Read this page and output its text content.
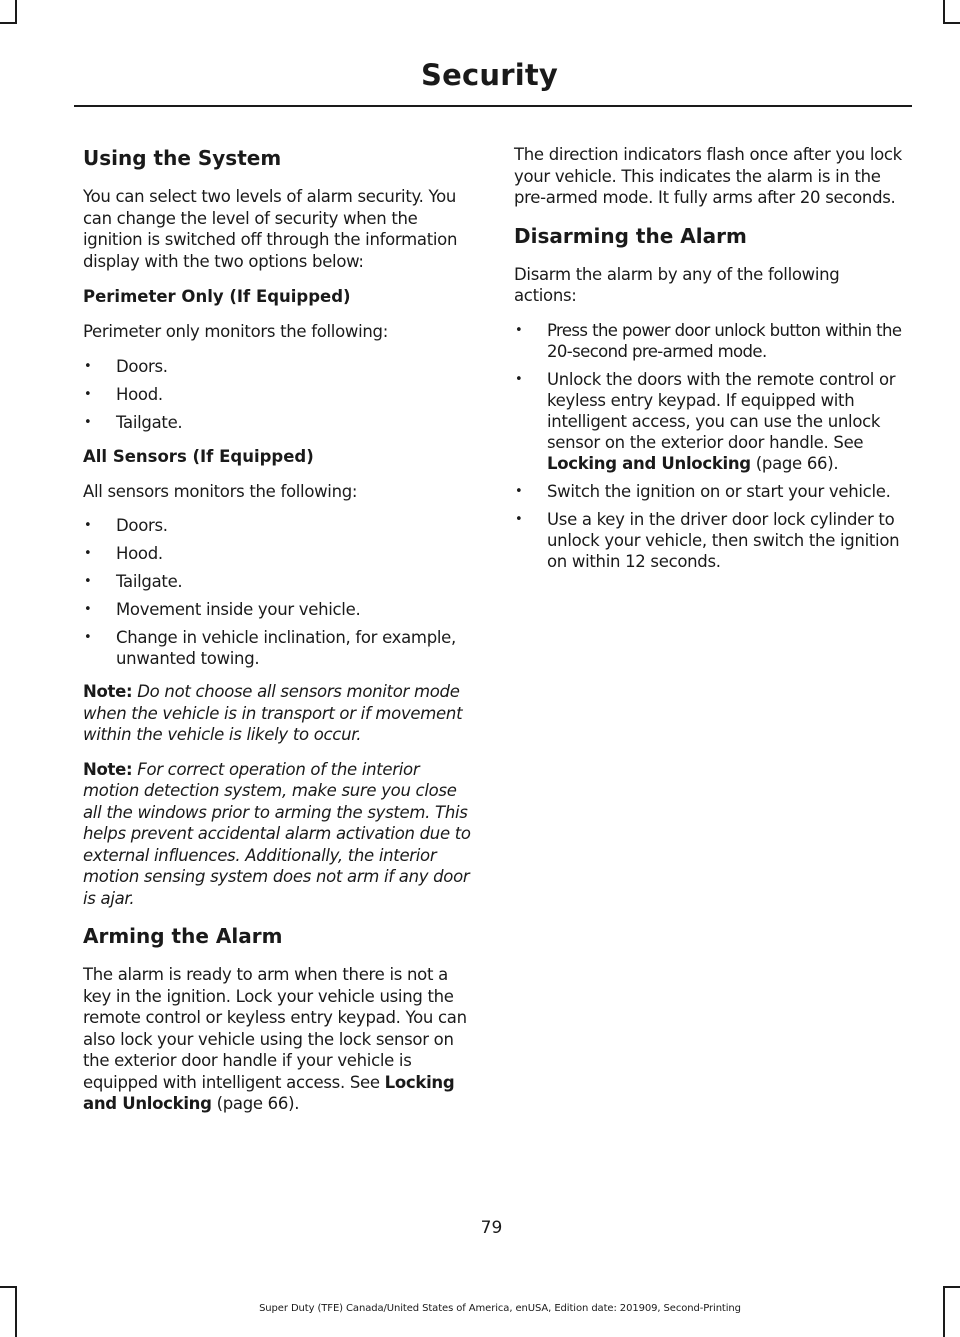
Security
Using the System

You can select two levels of alarm security. You can change the level of security when the ignition is switched off through the information display with the two options below:

Perimeter Only (If Equipped)

Perimeter only monitors the following:

• Doors.
• Hood.
• Tailgate.
All Sensors (If Equipped)

All sensors monitors the following:

• Doors.
• Hood.
• Tailgate.
• Movement inside your vehicle.
• Change in vehicle inclination, for example, unwanted towing.

Note: Do not choose all sensors monitor mode when the vehicle is in transport or if movement within the vehicle is likely to occur.

Note: For correct operation of the interior motion detection system, make sure you close all the windows prior to arming the system. This helps prevent accidental alarm activation due to external influences. Additionally, the interior motion sensing system does not arm if any door is ajar.

Arming the Alarm

The alarm is ready to arm when there is not a key in the ignition. Lock your vehicle using the remote control or keyless entry keypad. You can also lock your vehicle using the lock sensor on the exterior door handle if your vehicle is equipped with intelligent access. See Locking and Unlocking (page 66).

The direction indicators flash once after you lock your vehicle. This indicates the alarm is in the pre-armed mode. It fully arms after 20 seconds.

Disarming the Alarm

Disarm the alarm by any of the following actions:

• Press the power door unlock button within the 20-second pre-armed mode.
• Unlock the doors with the remote control or keyless entry keypad. If equipped with intelligent access, you can use the unlock sensor on the exterior door handle. See Locking and Unlocking (page 66).
• Switch the ignition on or start your vehicle.
• Use a key in the driver door lock cylinder to unlock your vehicle, then switch the ignition on within 12 seconds.
79
Super Duty (TFE) Canada/United States of America, enUSA, Edition date: 201909, Second-Printing
